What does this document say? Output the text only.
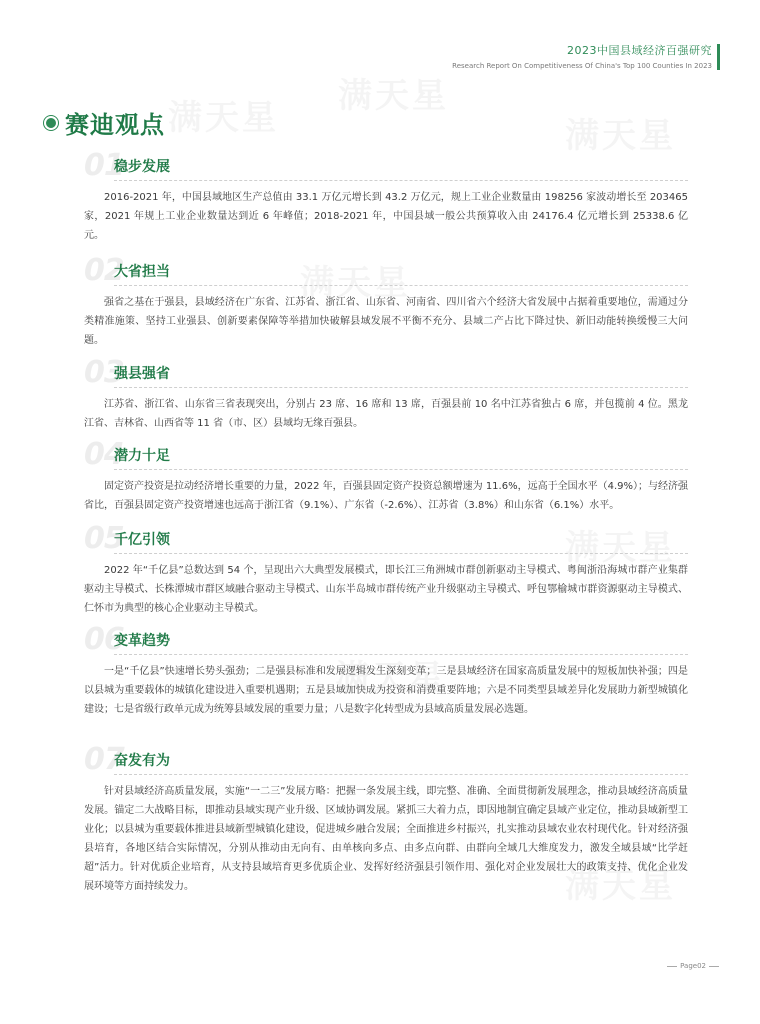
2023中国县域经济百强研究
Research Report On Competitiveness Of China's Top 100 Counties In 2023
赛迪观点
01
稳步发展
2016-2021 年，中国县域地区生产总值由 33.1 万亿元增长到 43.2 万亿元，规上工业企业数量由 198256 家波动增长至 203465 家，2021 年规上工业企业数量达到近 6 年峰值；2018-2021 年，中国县域一般公共预算收入由 24176.4 亿元增长到 25338.6 亿元。
02
大省担当
强省之基在于强县，县域经济在广东省、江苏省、浙江省、山东省、河南省、四川省六个经济大省发展中占据着重要地位，需通过分类精准施策、坚持工业强县、创新要素保障等举措加快破解县域发展不平衡不充分、县域二产占比下降过快、新旧动能转换缓慢三大问题。
03
强县强省
江苏省、浙江省、山东省三省表现突出，分别占 23 席、16 席和 13 席，百强县前 10 名中江苏省独占 6 席，并包揽前 4 位。黑龙江省、吉林省、山西省等 11 省（市、区）县域均无缘百强县。
04
潜力十足
固定资产投资是拉动经济增长重要的力量，2022 年，百强县固定资产投资总额增速为 11.6%，远高于全国水平（4.9%）；与经济强省比，百强县固定资产投资增速也远高于浙江省（9.1%）、广东省（-2.6%）、江苏省（3.8%）和山东省（6.1%）水平。
05
千亿引领
2022 年“千亿县”总数达到 54 个，呈现出六大典型发展模式，即长江三角洲城市群创新驱动主导模式、粤闽浙沿海城市群产业集群驱动主导模式、长株潭城市群区域融合驱动主导模式、山东半岛城市群传统产业升级驱动主导模式、呼包鄂榆城市群资源驱动主导模式、仁怀市为典型的核心企业驱动主导模式。
06
变革趋势
一是“千亿县”快速增长势头强劲；二是强县标准和发展逻辑发生深刻变革；三是县域经济在国家高质量发展中的短板加快补强；四是以县城为重要载体的城镇化建设进入重要机遇期；五是县域加快成为投资和消费重要阵地；六是不同类型县域差异化发展助力新型城镇化建设；七是省级行政单元成为统筹县域发展的重要力量；八是数字化转型成为县域高质量发展必选题。
07
奋发有为
针对县域经济高质量发展，实施“一二三”发展方略：把握一条发展主线，即完整、准确、全面贯彻新发展理念，推动县域经济高质量发展。锚定二大战略目标，即推动县域实现产业升级、区域协调发展。紧抓三大着力点，即因地制宜确定县域产业定位，推动县域新型工业化；以县城为重要载体推进县域新型城镇化建设，促进城乡融合发展；全面推进乡村振兴，扎实推动县域农业农村现代化。针对经济强县培育，各地区结合实际情况，分别从推动由无向有、由单核向多点、由多点向群、由群向全域几大维度发力，激发全域县域“比学赶超”活力。针对优质企业培育，从支持县域培育更多优质企业、发挥好经济强县引领作用、强化对企业发展壮大的政策支持、优化企业发展环境等方面持续发力。
Page02
